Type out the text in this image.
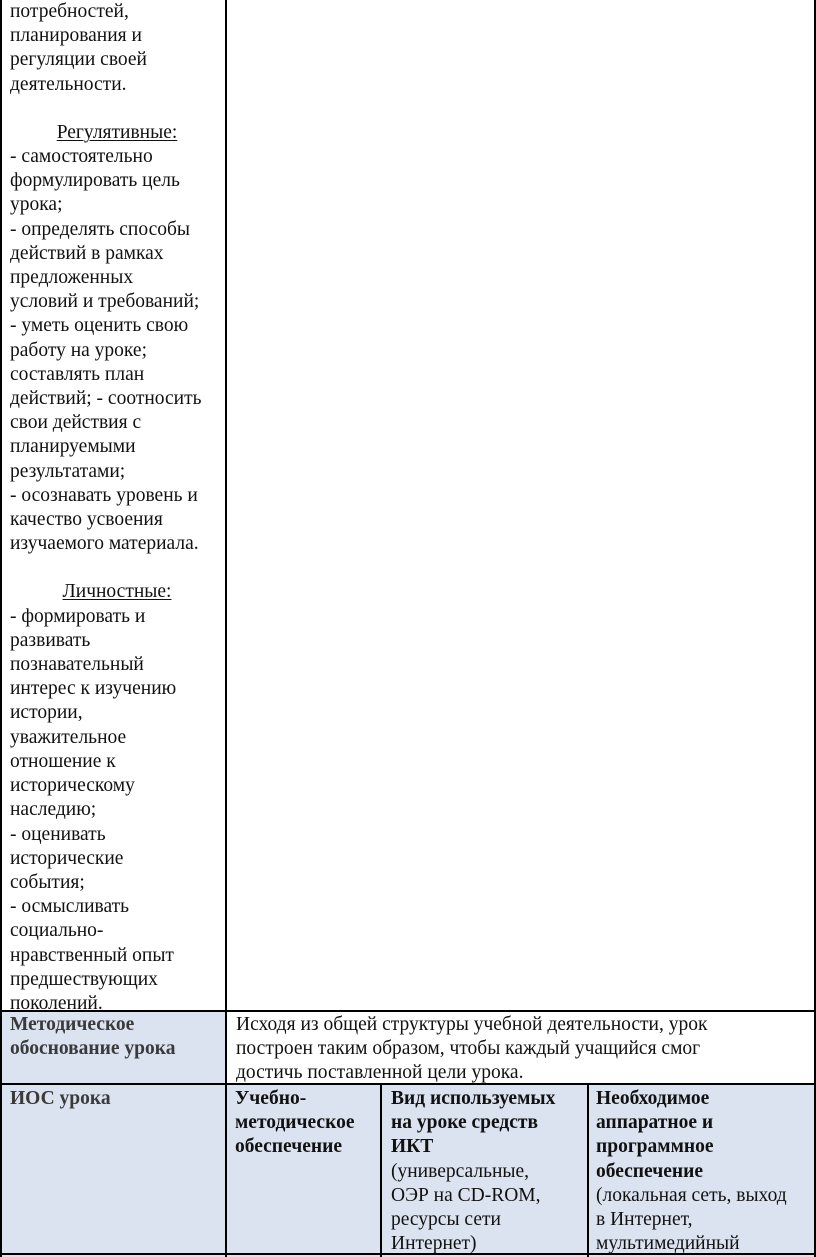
потребностей,
планирования и
регуляции своей
деятельности.
Регулятивные:
- самостоятельно
формулировать цель
урока;
- определять способы
действий в рамках
предложенных
условий и требований;
- уметь оценить свою
работу на уроке;
составлять план
действий; - соотносить
свои действия с
планируемыми
результатами;
- осознавать уровень и
качество усвоения
изучаемого материала.
Личностные:
- формировать и
развивать
познавательный
интерес к изучению
истории,
уважительное
отношение к
историческому
наследию;
- оценивать
исторические
события;
- осмысливать
социально-
нравственный опыт
предшествующих
поколений.
Методическое
обоснование урока
Исходя из общей структуры учебной деятельности, урок
построен таким образом, чтобы каждый учащийся смог
достичь поставленной цели урока.
ИОС урока	Учебно-
методическое
обеспечение
Вид используемых
на уроке средств
ИКТ
(универсальные,
ОЭР на CD-ROM,
ресурсы сети
Интернет)
Необходимое
аппаратное и
программное
обеспечение
(локальная сеть, выход
в Интернет,
мультимедийный
